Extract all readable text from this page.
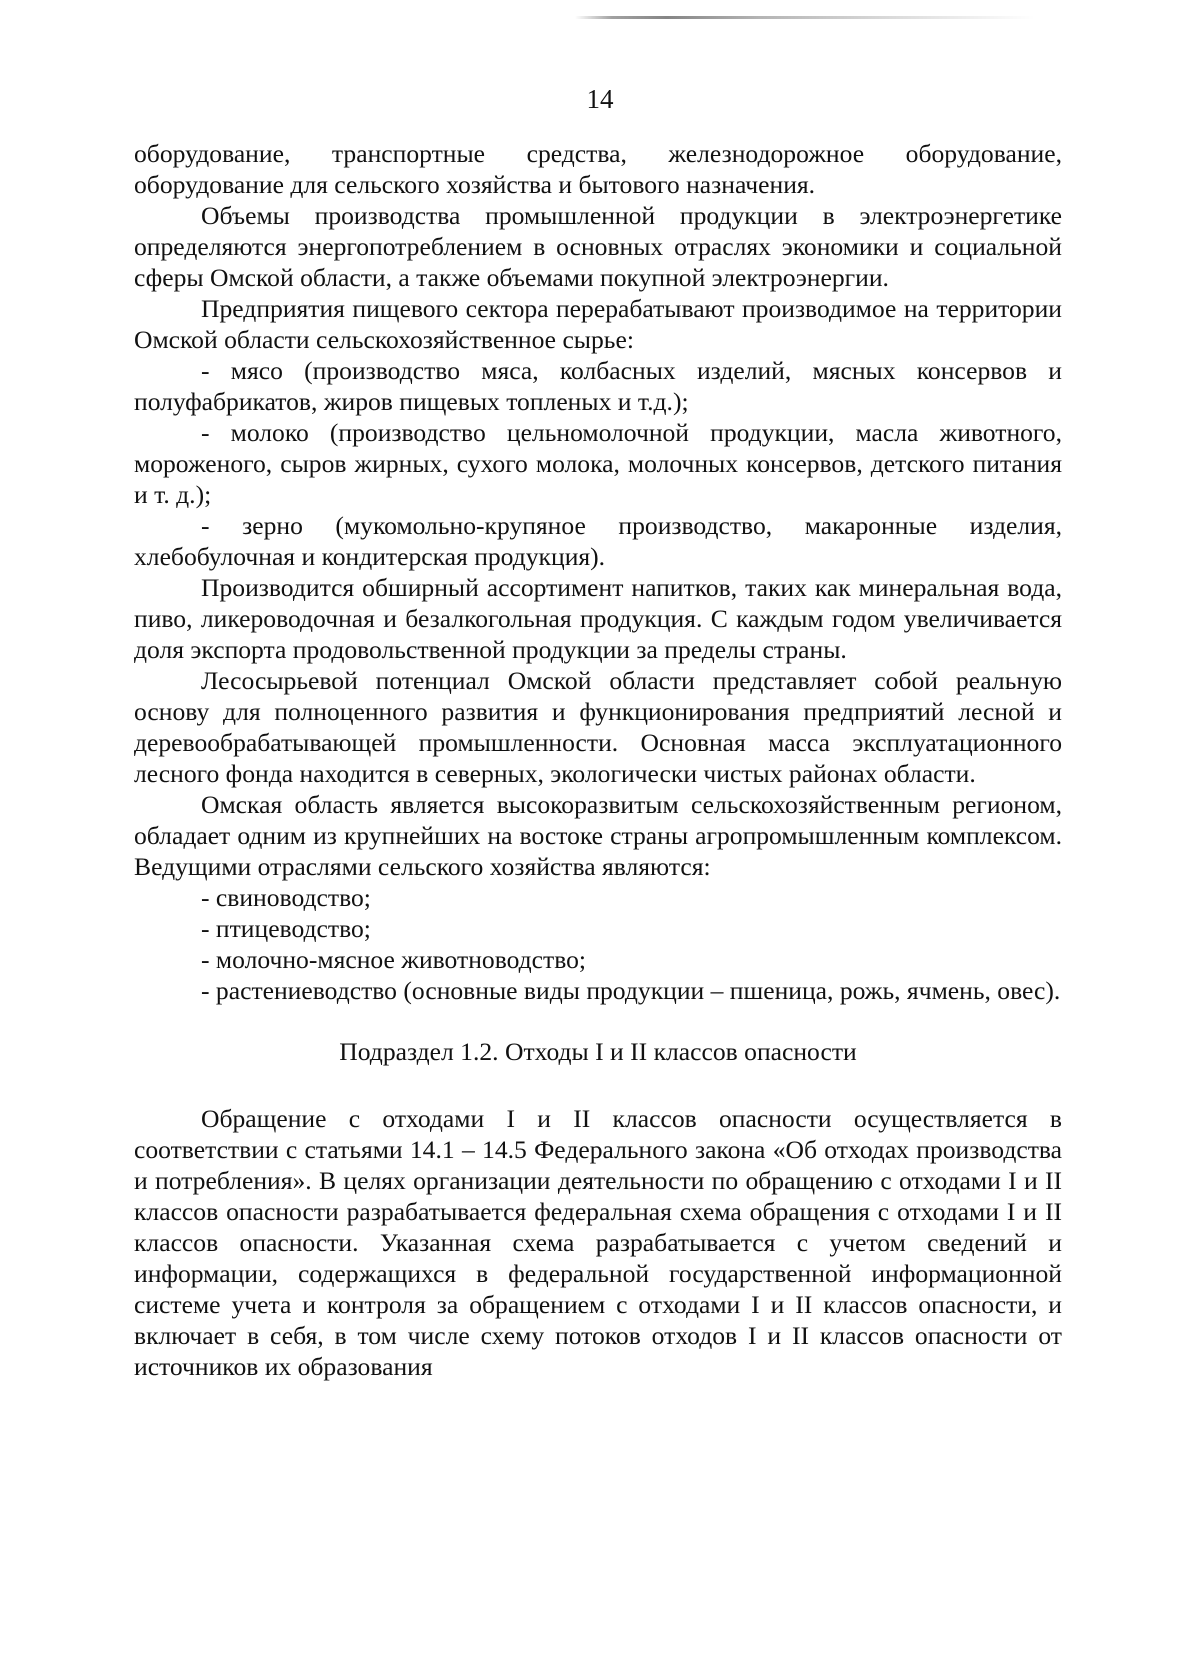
14

оборудование, транспортные средства, железнодорожное оборудование, оборудование для сельского хозяйства и бытового назначения.

Объемы производства промышленной продукции в электроэнергетике определяются энергопотреблением в основных отраслях экономики и социальной сферы Омской области, а также объемами покупной электроэнергии.

Предприятия пищевого сектора перерабатывают производимое на территории Омской области сельскохозяйственное сырье:

- мясо (производство мяса, колбасных изделий, мясных консервов и полуфабрикатов, жиров пищевых топленых и т.д.);

- молоко (производство цельномолочной продукции, масла животного, мороженого, сыров жирных, сухого молока, молочных консервов, детского питания и т. д.);

- зерно (мукомольно-крупяное производство, макаронные изделия, хлебобулочная и кондитерская продукция).

Производится обширный ассортимент напитков, таких как минеральная вода, пиво, ликероводочная и безалкогольная продукция. С каждым годом увеличивается доля экспорта продовольственной продукции за пределы страны.

Лесосырьевой потенциал Омской области представляет собой реальную основу для полноценного развития и функционирования предприятий лесной и деревообрабатывающей промышленности. Основная масса эксплуатационного лесного фонда находится в северных, экологически чистых районах области.

Омская область является высокоразвитым сельскохозяйственным регионом, обладает одним из крупнейших на востоке страны агропромышленным комплексом. Ведущими отраслями сельского хозяйства являются:

- свиноводство;

- птицеводство;

- молочно-мясное животноводство;

- растениеводство (основные виды продукции – пшеница, рожь, ячмень, овес).

Подраздел 1.2. Отходы I и II классов опасности

Обращение с отходами I и II классов опасности осуществляется в соответствии с статьями 14.1 – 14.5 Федерального закона «Об отходах производства и потребления». В целях организации деятельности по обращению с отходами I и II классов опасности разрабатывается федеральная схема обращения с отходами I и II классов опасности. Указанная схема разрабатывается с учетом сведений и информации, содержащихся в федеральной государственной информационной системе учета и контроля за обращением с отходами I и II классов опасности, и включает в себя, в том числе схему потоков отходов I и II классов опасности от источников их образования
